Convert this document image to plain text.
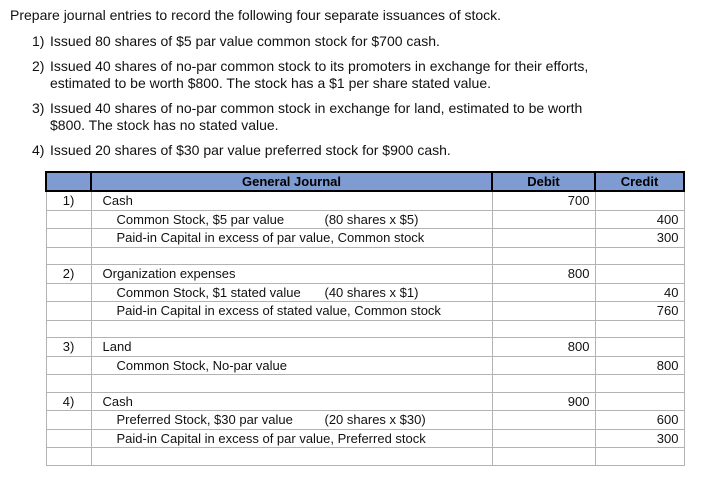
Prepare journal entries to record the following four separate issuances of stock.
1) Issued 80 shares of $5 par value common stock for $700 cash.
2) Issued 40 shares of no-par common stock to its promoters in exchange for their efforts,
estimated to be worth $800. The stock has a $1 per share stated value.
3) Issued 40 shares of no-par common stock in exchange for land, estimated to be worth
$800. The stock has no stated value.
4) Issued 20 shares of $30 par value preferred stock for $900 cash.
	General Journal	Debit	Credit
1)	Cash	700	
	Common Stock, $5 par value (80 shares x $5)		400
	Paid-in Capital in excess of par value, Common stock		300

2)	Organization expenses	800	
	Common Stock, $1 stated value (40 shares x $1)		40
	Paid-in Capital in excess of stated value, Common stock		760

3)	Land	800	
	Common Stock, No-par value		800

4)	Cash	900	
	Preferred Stock, $30 par value (20 shares x $30)		600
	Paid-in Capital in excess of par value, Preferred stock		300
